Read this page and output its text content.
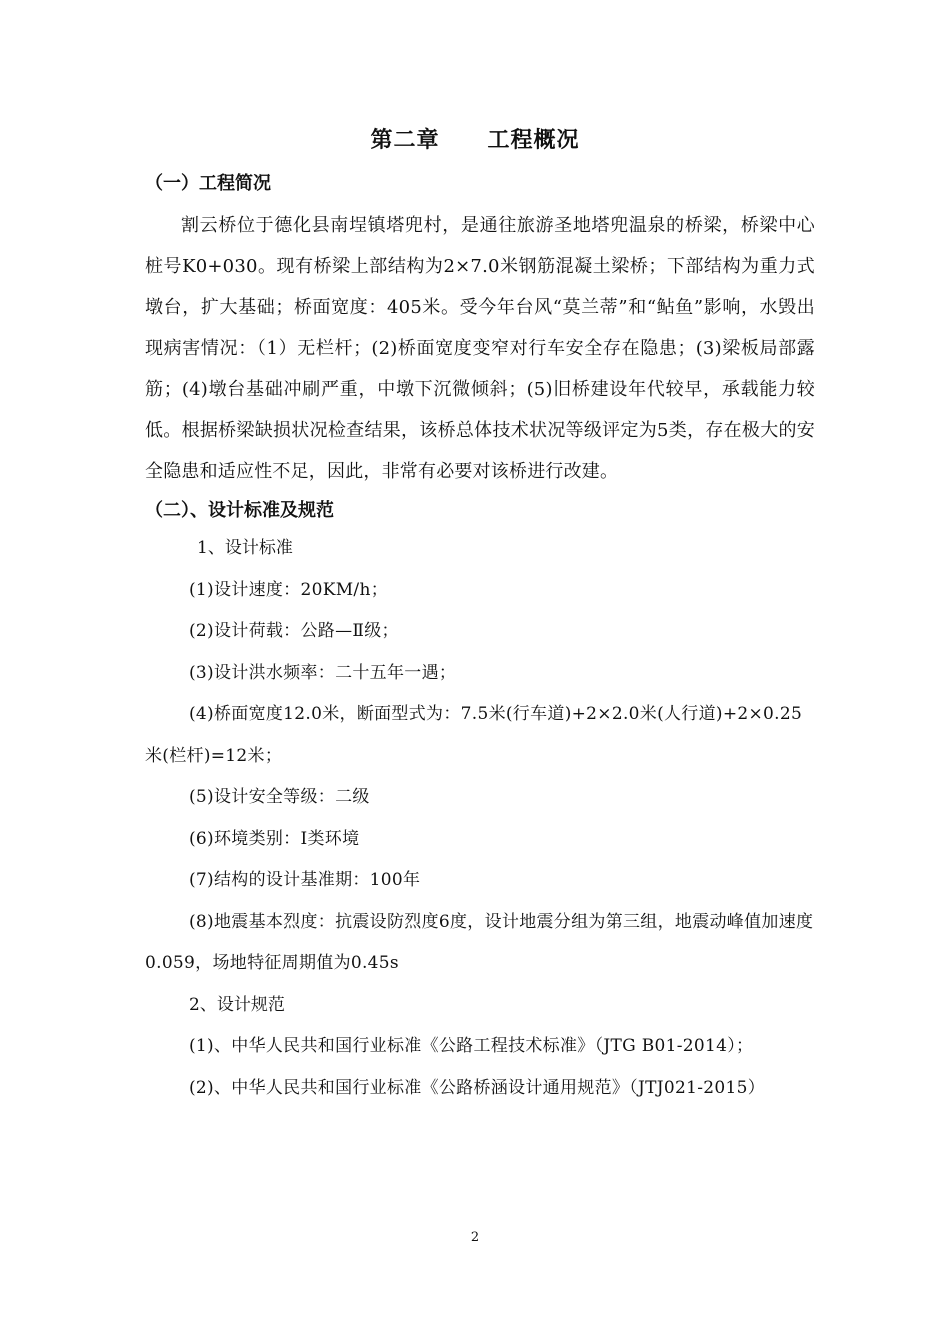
第二章 工程概况
（一）工程简况

割云桥位于德化县南埕镇塔兜村，是通往旅游圣地塔兜温泉的桥梁，桥梁中心桩号K0+030。现有桥梁上部结构为2×7.0米钢筋混凝土梁桥；下部结构为重力式墩台，扩大基础；桥面宽度：405米。受今年台风“莫兰蒂”和“鲇鱼”影响，水毁出现病害情况：（1）无栏杆；(2)桥面宽度变窄对行车安全存在隐患；(3)梁板局部露筋；(4)墩台基础冲刷严重，中墩下沉微倾斜；(5)旧桥建设年代较早，承载能力较低。根据桥梁缺损状况检查结果，该桥总体技术状况等级评定为5类，存在极大的安全隐患和适应性不足，因此，非常有必要对该桥进行改建。

（二）、设计标准及规范

1、设计标准

(1)设计速度：20KM/h；

(2)设计荷载：公路—Ⅱ级；

(3)设计洪水频率：二十五年一遇；

(4)桥面宽度12.0米，断面型式为：7.5米(行车道)+2×2.0米(人行道)+2×0.25米(栏杆)=12米；

(5)设计安全等级：二级

(6)环境类别：Ⅰ类环境

(7)结构的设计基准期：100年

(8)地震基本烈度：抗震设防烈度6度，设计地震分组为第三组，地震动峰值加速度0.059，场地特征周期值为0.45s

2、设计规范

(1)、中华人民共和国行业标准《公路工程技术标准》（JTG B01-2014）；

(2)、中华人民共和国行业标准《公路桥涵设计通用规范》（JTJ021-2015）

2
